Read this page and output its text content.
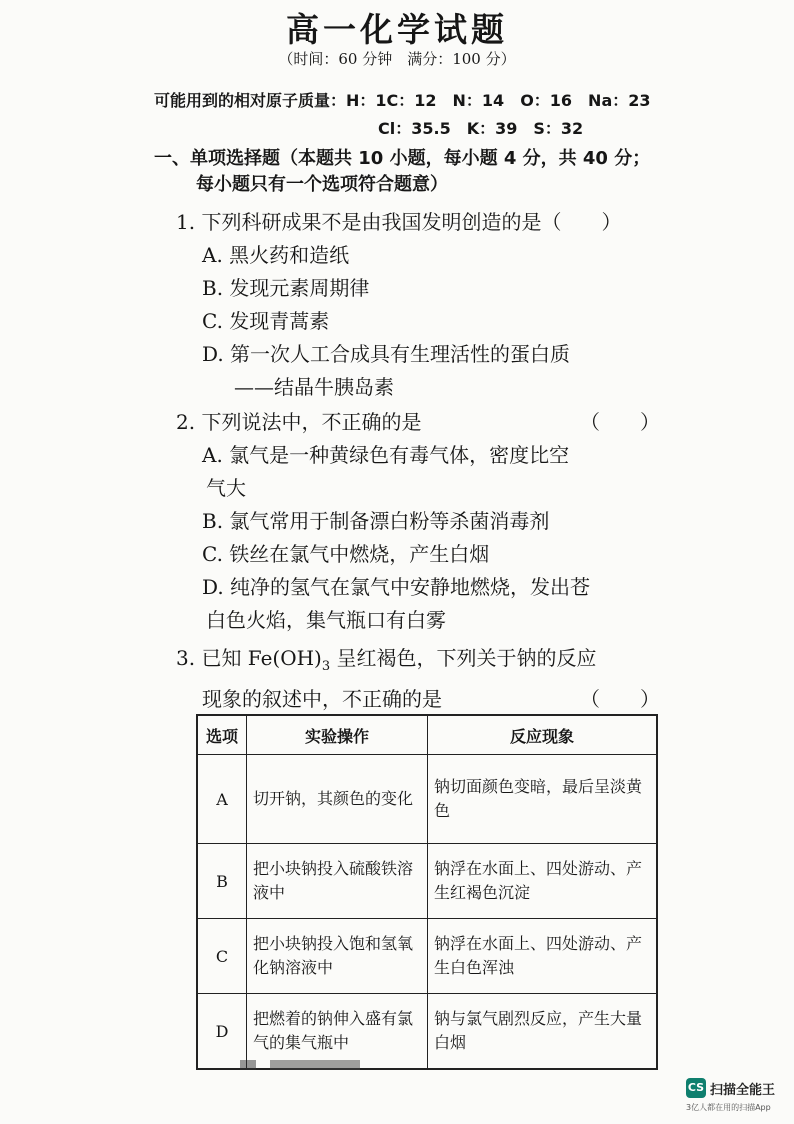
高一化学试题
（时间：60 分钟　满分：100 分）
可能用到的相对原子质量：H：1C：12　N：14　O：16　Na：23
Cl：35.5　K：39　S：32
一、单项选择题（本题共 10 小题，每小题 4 分，共 40 分；
每小题只有一个选项符合题意）
1. 下列科研成果不是由我国发明创造的是（　　）
A. 黑火药和造纸
B. 发现元素周期律
C. 发现青蒿素
D. 第一次人工合成具有生理活性的蛋白质
——结晶牛胰岛素
2. 下列说法中，不正确的是	（　　）
A. 氯气是一种黄绿色有毒气体，密度比空
气大
B. 氯气常用于制备漂白粉等杀菌消毒剂
C. 铁丝在氯气中燃烧，产生白烟
D. 纯净的氢气在氯气中安静地燃烧，发出苍
白色火焰，集气瓶口有白雾
3. 已知 $Fe(OH)_3$ 呈红褐色，下列关于钠的反应
现象的叙述中，不正确的是	（　　）
选项	实验操作	反应现象
A	切开钠，其颜色的变化	钠切面颜色变暗，最后呈淡黄色
B	把小块钠投入硫酸铁溶液中	钠浮在水面上、四处游动、产生红褐色沉淀
C	把小块钠投入饱和氢氧化钠溶液中	钠浮在水面上、四处游动、产生白色浑浊
D	把燃着的钠伸入盛有氯气的集气瓶中	钠与氯气剧烈反应，产生大量白烟
CS 扫描全能王
3亿人都在用的扫描App
